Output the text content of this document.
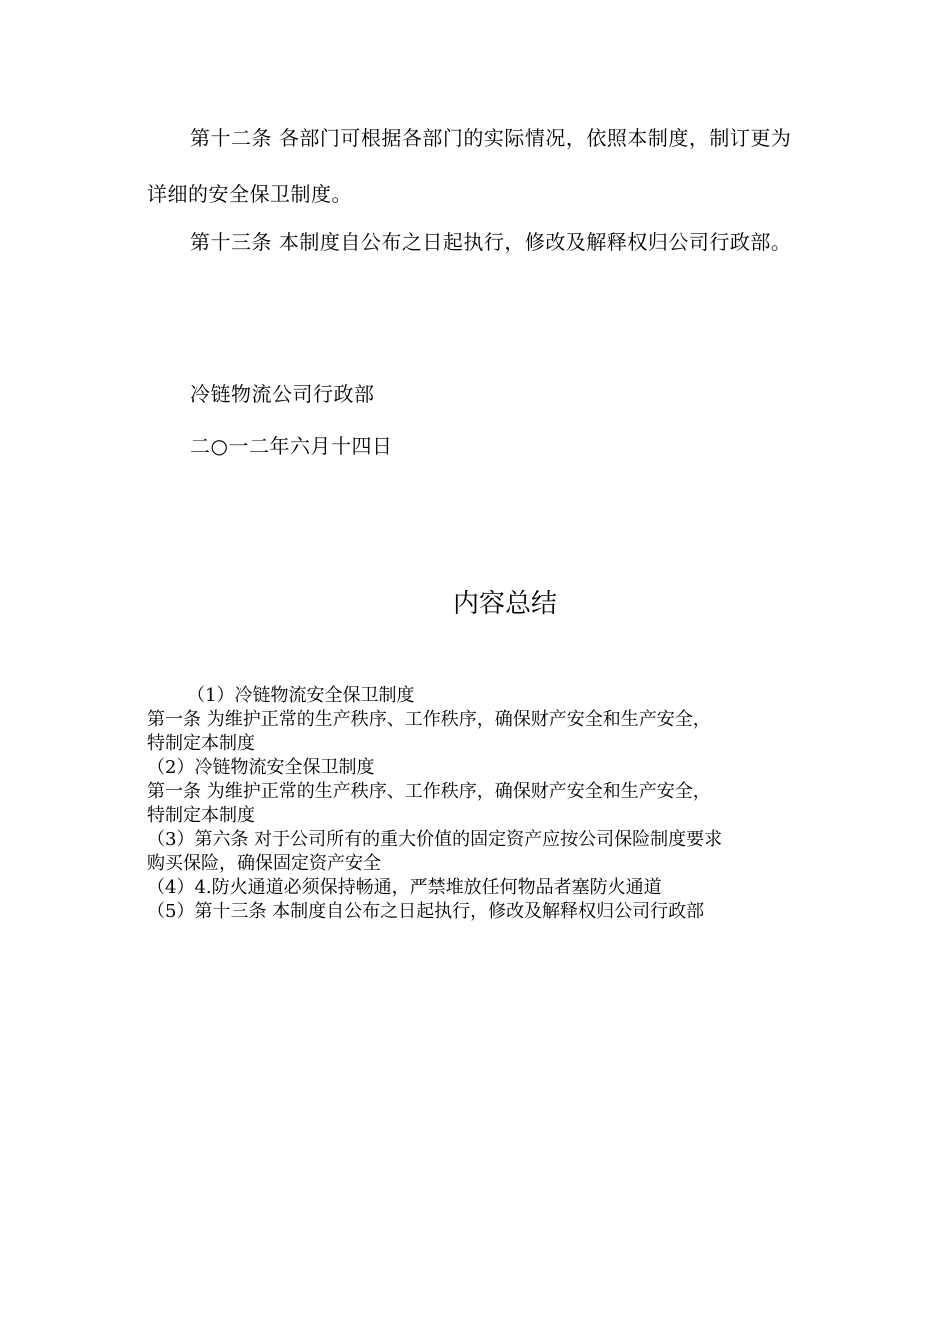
第十二条 各部门可根据各部门的实际情况，依照本制度，制订更为详细的安全保卫制度。

第十三条 本制度自公布之日起执行，修改及解释权归公司行政部。

冷链物流公司行政部

二○一二年六月十四日

内容总结
（1）冷链物流安全保卫制度
第一条 为维护正常的生产秩序、工作秩序，确保财产安全和生产安全，
特制定本制度
（2）冷链物流安全保卫制度
第一条 为维护正常的生产秩序、工作秩序，确保财产安全和生产安全，
特制定本制度
（3）第六条 对于公司所有的重大价值的固定资产应按公司保险制度要求
购买保险，确保固定资产安全
（4）4.防火通道必须保持畅通，严禁堆放任何物品者塞防火通道
（5）第十三条 本制度自公布之日起执行，修改及解释权归公司行政部
